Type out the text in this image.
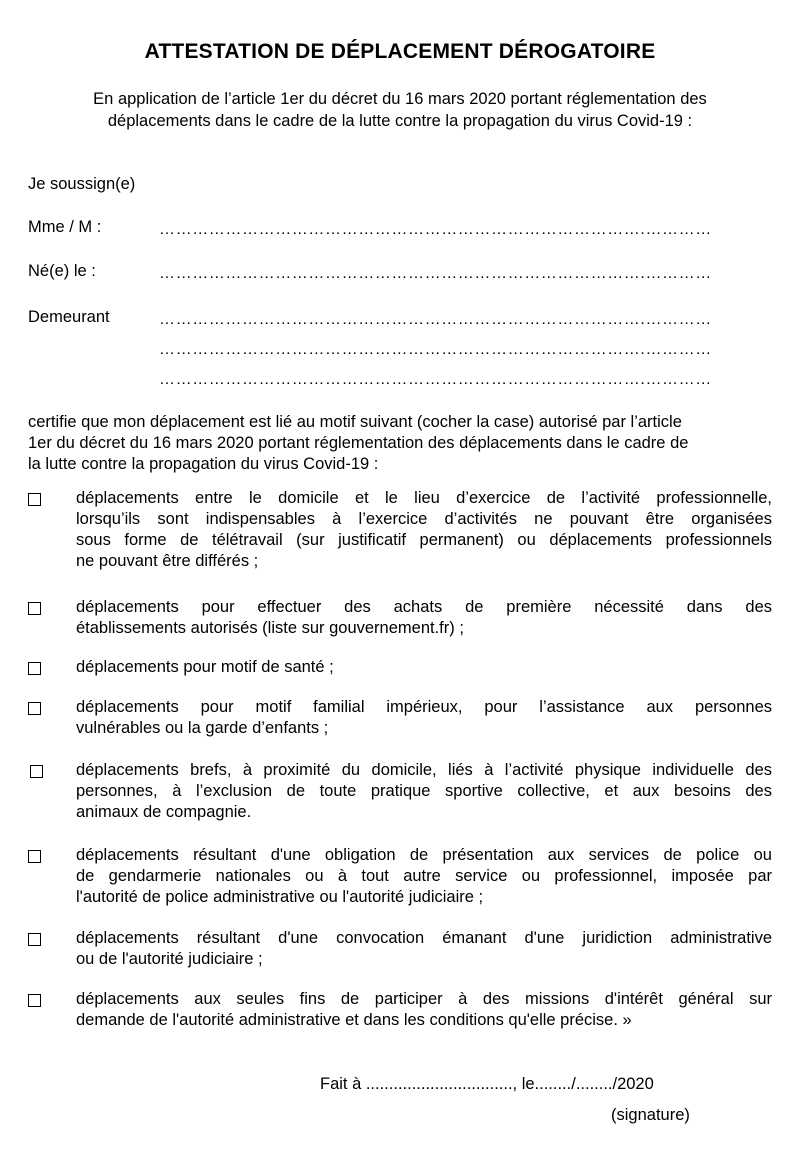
ATTESTATION DE DÉPLACEMENT DÉROGATOIRE
En application de l’article 1er du décret du 16 mars 2020 portant réglementation des
déplacements dans le cadre de la lutte contre la propagation du virus Covid-19 :
Je soussign(e)
Mme / M :	…………………………………………………………………………….…………
Né(e) le :	…………………………………………………………………………….…………
Demeurant	…………………………………………………………………………….…………
…………………………………………………………………………….…………
…………………………………………………………………………….…………
certifie que mon déplacement est lié au motif suivant (cocher la case) autorisé par l’article
1er du décret du 16 mars 2020 portant réglementation des déplacements dans le cadre de
la lutte contre la propagation du virus Covid-19 :
déplacements entre le domicile et le lieu d’exercice de l’activité professionnelle,
lorsqu’ils sont indispensables à l’exercice d’activités ne pouvant être organisées
sous forme de télétravail (sur justificatif permanent) ou déplacements professionnels
ne pouvant être différés ;
déplacements pour effectuer des achats de première nécessité dans des
établissements autorisés (liste sur gouvernement.fr) ;
déplacements pour motif de santé ;
déplacements pour motif familial impérieux, pour l’assistance aux personnes
vulnérables ou la garde d’enfants ;
déplacements brefs, à proximité du domicile, liés à l’activité physique individuelle des
personnes, à l’exclusion de toute pratique sportive collective, et aux besoins des
animaux de compagnie.
déplacements résultant d'une obligation de présentation aux services de police ou
de gendarmerie nationales ou à tout autre service ou professionnel, imposée par
l'autorité de police administrative ou l'autorité judiciaire ;
déplacements résultant d'une convocation émanant d'une juridiction administrative
ou de l'autorité judiciaire ;
déplacements aux seules fins de participer à des missions d'intérêt général sur
demande de l'autorité administrative et dans les conditions qu'elle précise. »
Fait à ................................, le......../......../2020
(signature)
